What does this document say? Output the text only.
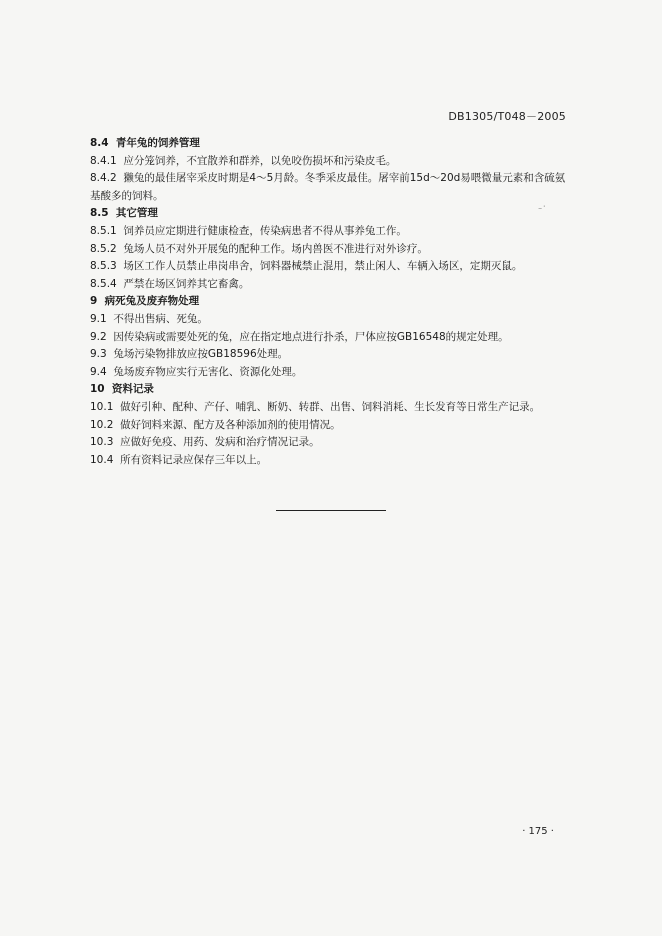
DB1305/T048－2005
⁻˙

8.4  青年兔的饲养管理

8.4.1  应分笼饲养，不宜散养和群养，以免咬伤损坏和污染皮毛。

8.4.2  獭兔的最佳屠宰采皮时期是4～5月龄。冬季采皮最佳。屠宰前15d～20d易喂微量元素和含硫氨基酸多的饲料。

8.5  其它管理

8.5.1  饲养员应定期进行健康检查，传染病患者不得从事养兔工作。

8.5.2  兔场人员不对外开展兔的配种工作。场内兽医不准进行对外诊疗。

8.5.3  场区工作人员禁止串岗串舍，饲料器械禁止混用，禁止闲人、车辆入场区，定期灭鼠。

8.5.4  严禁在场区饲养其它畜禽。

9  病死兔及废弃物处理

9.1  不得出售病、死兔。

9.2  因传染病或需要处死的兔，应在指定地点进行扑杀，尸体应按GB16548的规定处理。

9.3  兔场污染物排放应按GB18596处理。

9.4  兔场废弃物应实行无害化、资源化处理。

10  资料记录

10.1  做好引种、配种、产仔、哺乳、断奶、转群、出售、饲料消耗、生长发育等日常生产记录。

10.2  做好饲料来源、配方及各种添加剂的使用情况。

10.3  应做好免疫、用药、发病和治疗情况记录。

10.4  所有资料记录应保存三年以上。

· 175 ·
